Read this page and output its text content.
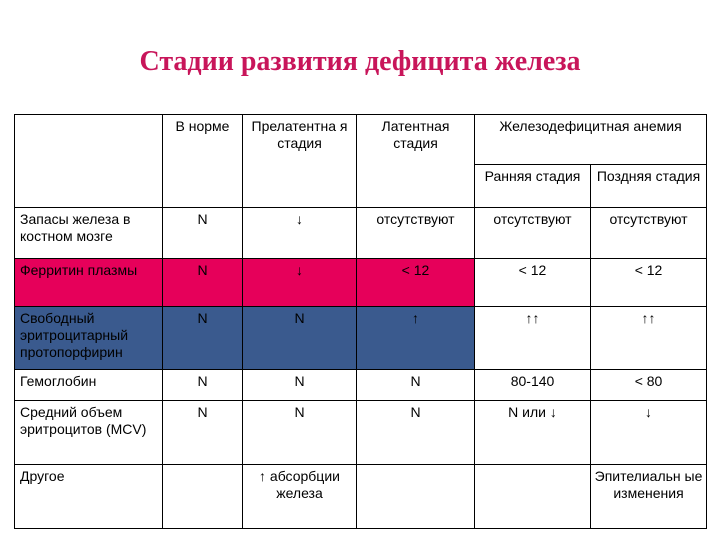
Стадии развития дефицита железа
	В норме	Прелатентна я стадия	Латентная стадия	Железодефицитная анемия	
				Ранняя стадия	Поздняя стадия
Запасы железа в костном мозге	N	↓	отсутствуют	отсутствуют	отсутствуют
Ферритин плазмы	N	↓	< 12	< 12	< 12
Свободный эритроцитарный протопорфирин	N	N	↑	↑↑	↑↑
Гемоглобин	N	N	N	80-140	< 80
Средний объем эритроцитов (MCV)	N	N	N	N или ↓	↓
Другое		↑ абсорбции железа			Эпителиальн ые изменения
